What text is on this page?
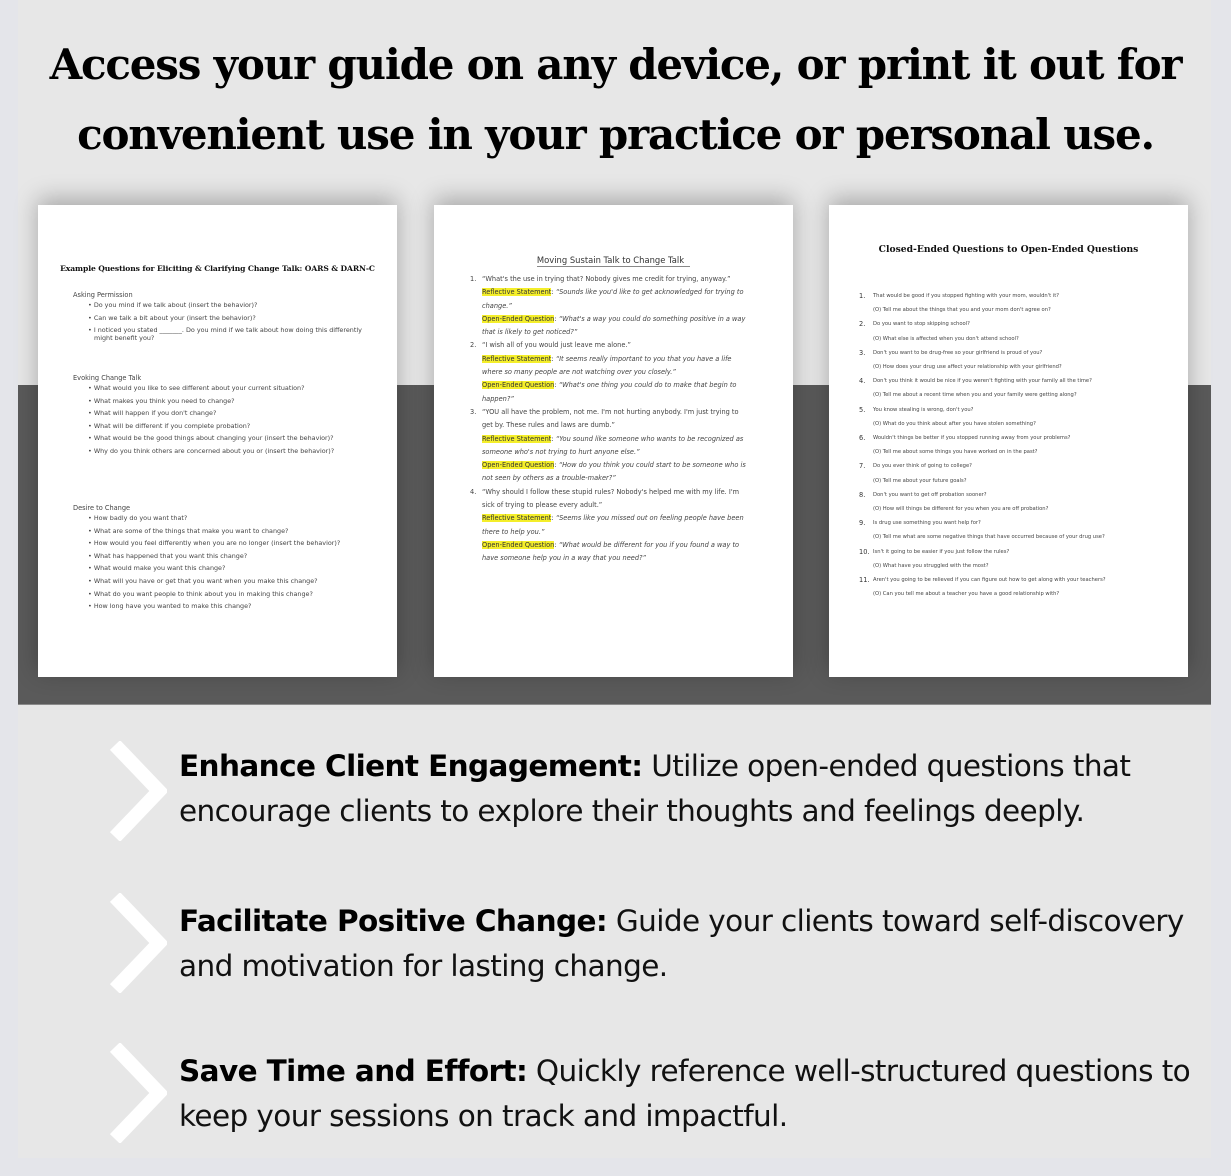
Access your guide on any device, or print it out for
convenient use in your practice or personal use.
Example Questions for Eliciting & Clarifying Change Talk: OARS & DARN-C
Asking Permission
• Do you mind if we talk about (insert the behavior)?
• Can we talk a bit about your (insert the behavior)?
• I noticed you stated _______. Do you mind if we talk about how doing this differently might benefit you?
Evoking Change Talk
• What would you like to see different about your current situation?
• What makes you think you need to change?
• What will happen if you don't change?
• What will be different if you complete probation?
• What would be the good things about changing your (insert the behavior)?
• Why do you think others are concerned about you or (insert the behavior)?
Desire to Change
• How badly do you want that?
• What are some of the things that make you want to change?
• How would you feel differently when you are no longer (insert the behavior)?
• What has happened that you want this change?
• What would make you want this change?
• What will you have or get that you want when you make this change?
• What do you want people to think about you in making this change?
• How long have you wanted to make this change?
Moving Sustain Talk to Change Talk
1. “What's the use in trying that? Nobody gives me credit for trying, anyway.”
Reflective Statement: “Sounds like you'd like to get acknowledged for trying to change.”
Open-Ended Question: “What's a way you could do something positive in a way that is likely to get noticed?”
2. “I wish all of you would just leave me alone.”
Reflective Statement: “It seems really important to you that you have a life where so many people are not watching over you closely.”
Open-Ended Question: “What's one thing you could do to make that begin to happen?”
3. “YOU all have the problem, not me. I'm not hurting anybody. I'm just trying to get by. These rules and laws are dumb.”
Reflective Statement: “You sound like someone who wants to be recognized as someone who's not trying to hurt anyone else.”
Open-Ended Question: “How do you think you could start to be someone who is not seen by others as a trouble-maker?”
4. “Why should I follow these stupid rules? Nobody's helped me with my life. I'm sick of trying to please every adult.”
Reflective Statement: “Seems like you missed out on feeling people have been there to help you.”
Open-Ended Question: “What would be different for you if you found a way to have someone help you in a way that you need?”
Closed-Ended Questions to Open-Ended Questions
1. That would be good if you stopped fighting with your mom, wouldn't it?
(O) Tell me about the things that you and your mom don't agree on?
2. Do you want to stop skipping school?
(O) What else is affected when you don't attend school?
3. Don't you want to be drug-free so your girlfriend is proud of you?
(O) How does your drug use affect your relationship with your girlfriend?
4. Don't you think it would be nice if you weren't fighting with your family all the time?
(O) Tell me about a recent time when you and your family were getting along?
5. You know stealing is wrong, don't you?
(O) What do you think about after you have stolen something?
6. Wouldn't things be better if you stopped running away from your problems?
(O) Tell me about some things you have worked on in the past?
7. Do you ever think of going to college?
(O) Tell me about your future goals?
8. Don't you want to get off probation sooner?
(O) How will things be different for you when you are off probation?
9. Is drug use something you want help for?
(O) Tell me what are some negative things that have occurred because of your drug use?
10. Isn't it going to be easier if you just follow the rules?
(O) What have you struggled with the most?
11. Aren't you going to be relieved if you can figure out how to get along with your teachers?
(O) Can you tell me about a teacher you have a good relationship with?
Enhance Client Engagement: Utilize open-ended questions that encourage clients to explore their thoughts and feelings deeply.
Facilitate Positive Change: Guide your clients toward self-discovery and motivation for lasting change.
Save Time and Effort: Quickly reference well-structured questions to keep your sessions on track and impactful.
